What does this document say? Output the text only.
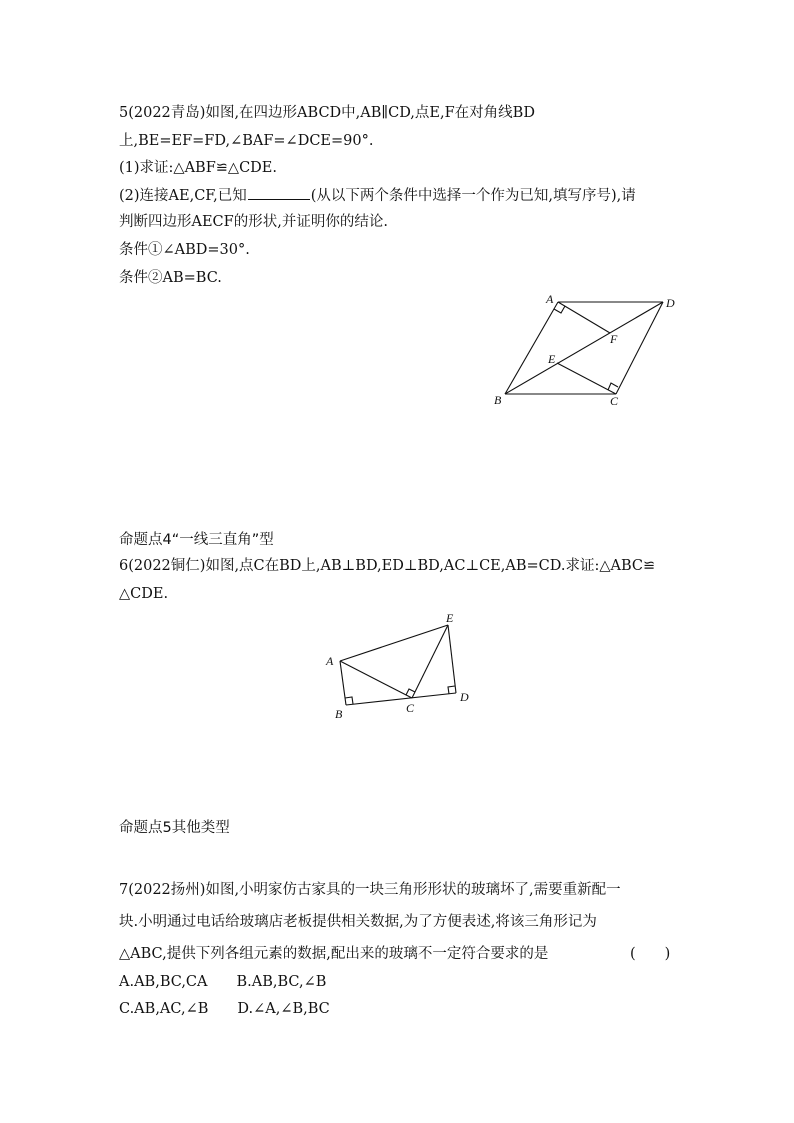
5(2022青岛)如图,在四边形ABCD中,AB∥CD,点E,F在对角线BD
上,BE=EF=FD,∠BAF=∠DCE=90°.
(1)求证:△ABF≌△CDE.
(2)连接AE,CF,已知	(从以下两个条件中选择一个作为已知,填写序号),请
判断四边形AECF的形状,并证明你的结论.
条件①∠ABD=30°.
条件②AB=BC.
A	D
F
E
B	C
命题点4“一线三直角”型
6(2022铜仁)如图,点C在BD上,AB⊥BD,ED⊥BD,AC⊥CE,AB=CD.求证:△ABC≌
△CDE.
E
A
B	C
D
命题点5其他类型
7(2022扬州)如图,小明家仿古家具的一块三角形形状的玻璃坏了,需要重新配一
块.小明通过电话给玻璃店老板提供相关数据,为了方便表述,将该三角形记为
△ABC,提供下列各组元素的数据,配出来的玻璃不一定符合要求的是	(　　)
A.AB,BC,CA　　B.AB,BC,∠B
C.AB,AC,∠B　　D.∠A,∠B,BC
